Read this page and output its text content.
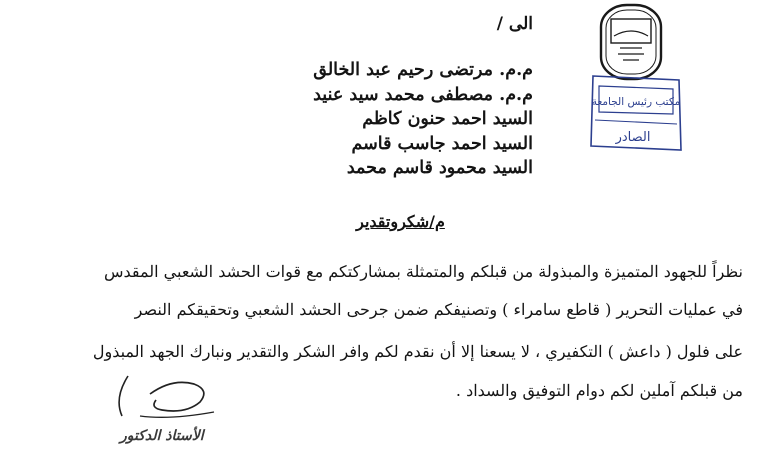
مكتب رئيس الجامعة
الصادر
الى /
م.م. مرتضى رحيم عبد الخالق
م.م. مصطفى محمد سيد عنيد
السيد احمد حنون كاظم
السيد احمد جاسب قاسم
السيد محمود قاسم محمد
م/شكروتقدير
نظراً للجهود المتميزة والمبذولة من قبلكم والمتمثلة بمشاركتكم مع قوات الحشد الشعبي المقدس
في عمليات التحرير ( قاطع سامراء ) وتصنيفكم ضمن جرحى الحشد الشعبي وتحقيقكم النصر
على فلول ( داعش ) التكفيري ، لا يسعنا إلا أن نقدم لكم وافر الشكر والتقدير ونبارك الجهد المبذول
من قبلكم آملين لكم دوام التوفيق والسداد .
الأستاذ الدكتور
